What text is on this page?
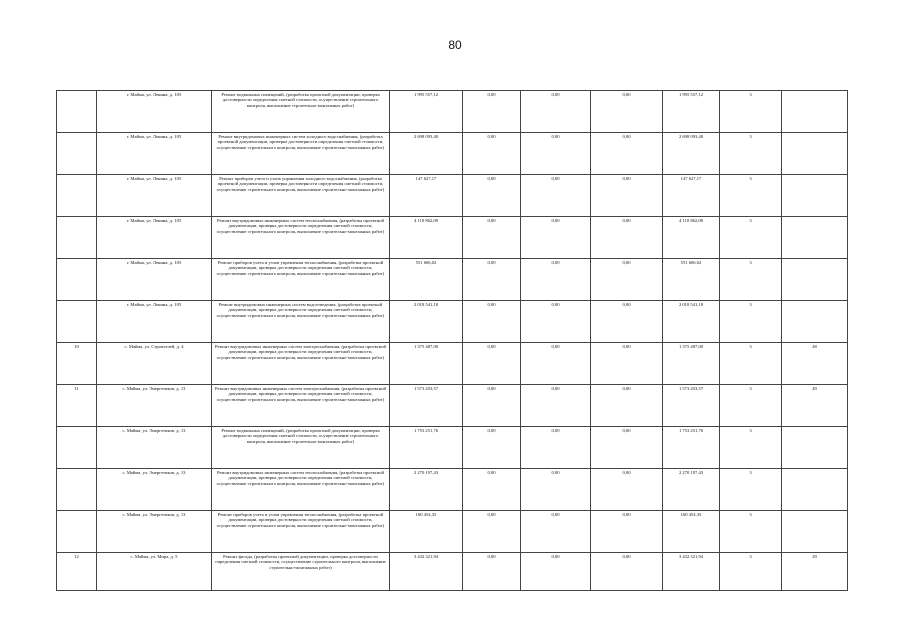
80
	г. Майма, ул. Ленина, д. 105	Ремонт подвальных помещений, (разработка проектной документации, проверка достоверности определения сметной стоимости, осуществление строительного контроля, выполнение строительно-монтажных работ)	1 995 557,12	0,00	0,00	0,00	1 995 557,12	3	
	г. Майма, ул. Ленина, д. 105	Ремонт внутридомовых инженерных систем холодного водоснабжения, (разработка проектной документации, проверка достоверности определения сметной стоимости, осуществление строительного контроля, выполнение строительно-монтажных работ)	2 698 093,40	0,00	0,00	0,00	2 698 093,40	3	
	г. Майма, ул. Ленина, д. 105	Ремонт приборов учета и узлов управления холодного водоснабжения, (разработка проектной документации, проверка достоверности определения сметной стоимости, осуществление строительного контроля, выполнение строительно-монтажных работ)	147 627,17	0,00	0,00	0,00	147 627,17	3	
	г. Майма, ул. Ленина, д. 105	Ремонт внутридомовых инженерных систем теплоснабжения, (разработка проектной документации, проверка достоверности определения сметной стоимости, осуществление строительного контроля, выполнение строительно-монтажных работ)	4 110 862,08	0,00	0,00	0,00	4 110 862,08	3	
	г. Майма, ул. Ленина, д. 105	Ремонт приборов учета и узлов управления теплоснабжения, (разработка проектной документации, проверка достоверности определения сметной стоимости, осуществление строительного контроля, выполнение строительно-монтажных работ)	551 606,02	0,00	0,00	0,00	551 606,02	3	
	г. Майма, ул. Ленина, д. 105	Ремонт внутридомовых инженерных систем водоотведения, (разработка проектной документации, проверка достоверности определения сметной стоимости, осуществление строительного контроля, выполнение строительно-монтажных работ)	2 018 541,18	0,00	0,00	0,00	2 018 541,18	3	
10	с. Майма, ул. Строителей, д. 4	Ремонт внутридомовых инженерных систем электроснабжения, (разработка проектной документации, проверка достоверности определения сметной стоимости, осуществление строительного контроля, выполнение строительно-монтажных работ)	1 375 487,00	0,00	0,00	0,00	1 375 487,00	3	48
11	с. Майма, ул. Энергетиков, д. 13	Ремонт внутридомовых инженерных систем электроснабжения, (разработка проектной документации, проверка достоверности определения сметной стоимости, осуществление строительного контроля, выполнение строительно-монтажных работ)	1 573 453,57	0,00	0,00	0,00	1 573 453,57	3	49
	с. Майма, ул. Энергетиков, д. 13	Ремонт подвальных помещений, (разработка проектной документации, проверка достоверности определения сметной стоимости, осуществление строительного контроля, выполнение строительно-монтажных работ)	1 753 251,76	0,00	0,00	0,00	1 753 251,76	3	
	с. Майма, ул. Энергетиков, д. 13	Ремонт внутридомовых инженерных систем теплоснабжения, (разработка проектной документации, проверка достоверности определения сметной стоимости, осуществление строительного контроля, выполнение строительно-монтажных работ)	2 270 197,43	0,00	0,00	0,00	2 270 197,43	3	
	с. Майма, ул. Энергетиков, д. 13	Ремонт приборов учета и узлов управления теплоснабжения, (разработка проектной документации, проверка достоверности определения сметной стоимости, осуществление строительного контроля, выполнение строительно-монтажных работ)	160 454,35	0,00	0,00	0,00	160 454,35	3	
12	с. Майма, ул. Мира, д. 5	Ремонт фасада, (разработка проектной документации, проверка достоверности определения сметной стоимости, осуществление строительного контроля, выполнение строительно-монтажных работ)	3 432 321,94	0,00	0,00	0,00	3 432 321,94	3	29
